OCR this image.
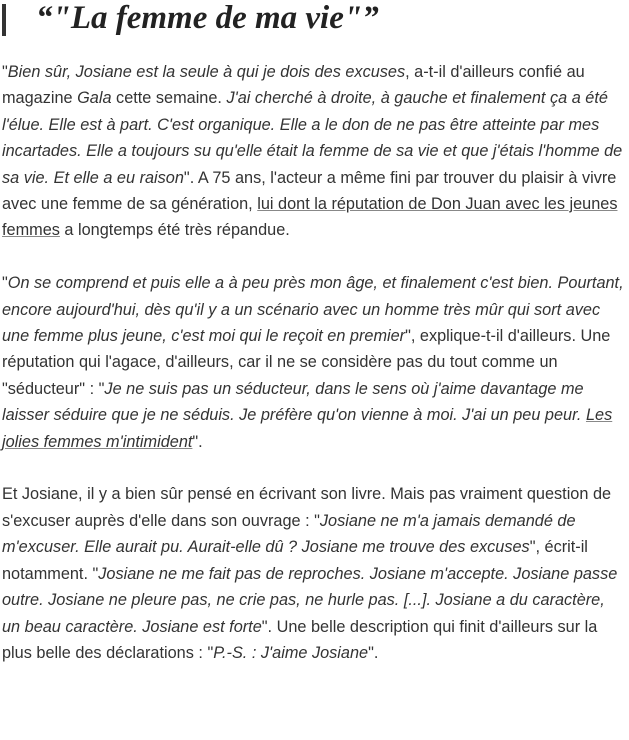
“"La femme de ma vie"”

"Bien sûr, Josiane est la seule à qui je dois des excuses, a-t-il d'ailleurs confié au magazine Gala cette semaine. J'ai cherché à droite, à gauche et finalement ça a été l'élue. Elle est à part. C'est organique. Elle a le don de ne pas être atteinte par mes incartades. Elle a toujours su qu'elle était la femme de sa vie et que j'étais l'homme de sa vie. Et elle a eu raison". A 75 ans, l'acteur a même fini par trouver du plaisir à vivre avec une femme de sa génération, lui dont la réputation de Don Juan avec les jeunes femmes a longtemps été très répandue.

"On se comprend et puis elle a à peu près mon âge, et finalement c'est bien. Pourtant, encore aujourd'hui, dès qu'il y a un scénario avec un homme très mûr qui sort avec une femme plus jeune, c'est moi qui le reçoit en premier", explique-t-il d'ailleurs. Une réputation qui l'agace, d'ailleurs, car il ne se considère pas du tout comme un "séducteur" : "Je ne suis pas un séducteur, dans le sens où j'aime davantage me laisser séduire que je ne séduis. Je préfère qu'on vienne à moi. J'ai un peu peur. Les jolies femmes m'intimident".

Et Josiane, il y a bien sûr pensé en écrivant son livre. Mais pas vraiment question de s'excuser auprès d'elle dans son ouvrage : "Josiane ne m'a jamais demandé de m'excuser. Elle aurait pu. Aurait-elle dû ? Josiane me trouve des excuses", écrit-il notamment. "Josiane ne me fait pas de reproches. Josiane m'accepte. Josiane passe outre. Josiane ne pleure pas, ne crie pas, ne hurle pas. [...]. Josiane a du caractère, un beau caractère. Josiane est forte". Une belle description qui finit d'ailleurs sur la plus belle des déclarations : "P.-S. : J'aime Josiane".
